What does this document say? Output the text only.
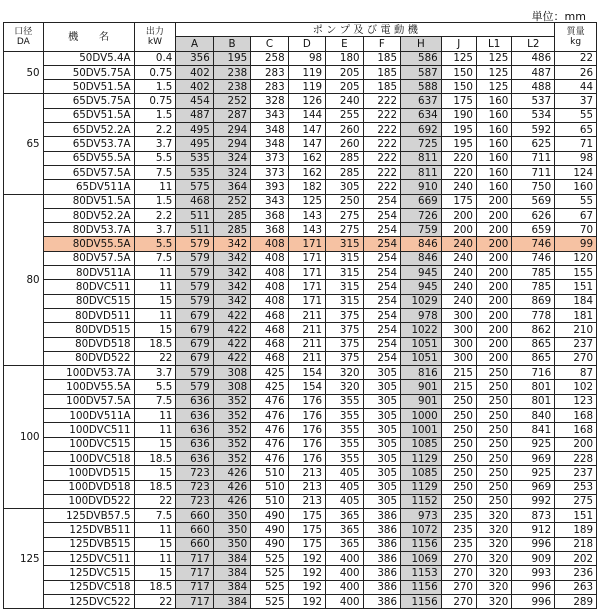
単位：mm
口径
DA	機　　名	出力
kW	ポ ン プ 及 び 電 動 機										質量
kg

			A	B	C	D	E	F	H	J	L1	L2	
50	50DV5.4A	0.4	356	195	258	98	180	185	586	125	125	486	22
	50DV5.75A	0.75	402	238	283	119	205	185	587	150	125	487	26
	50DV51.5A	1.5	402	238	283	119	205	185	588	150	125	488	44
65	65DV5.75A	0.75	454	252	328	126	240	222	637	175	160	537	37
	65DV51.5A	1.5	487	287	343	144	255	222	634	190	160	534	55
	65DV52.2A	2.2	495	294	348	147	260	222	692	195	160	592	65
	65DV53.7A	3.7	495	294	348	147	260	222	725	195	160	625	71
	65DV55.5A	5.5	535	324	373	162	285	222	811	220	160	711	98
	65DV57.5A	7.5	535	324	373	162	285	222	811	220	160	711	124
	65DV511A	11	575	364	393	182	305	222	910	240	160	750	160
80	80DV51.5A	1.5	468	252	343	125	250	254	669	175	200	569	55
	80DV52.2A	2.2	511	285	368	143	275	254	726	200	200	626	67
	80DV53.7A	3.7	511	285	368	143	275	254	759	200	200	659	70
	80DV55.5A	5.5	579	342	408	171	315	254	846	240	200	746	99
	80DV57.5A	7.5	579	342	408	171	315	254	846	240	200	746	120
	80DV511A	11	579	342	408	171	315	254	945	240	200	785	155
	80DVC511	11	579	342	408	171	315	254	945	240	200	785	151
	80DVC515	15	579	342	408	171	315	254	1029	240	200	869	184
	80DVD511	11	679	422	468	211	375	254	978	300	200	778	181
	80DVD515	15	679	422	468	211	375	254	1022	300	200	862	210
	80DVD518	18.5	679	422	468	211	375	254	1051	300	200	865	237
	80DVD522	22	679	422	468	211	375	254	1051	300	200	865	270
100	100DV53.7A	3.7	579	308	425	154	320	305	816	215	250	716	87
	100DV55.5A	5.5	579	308	425	154	320	305	901	215	250	801	102
	100DV57.5A	7.5	636	352	476	176	355	305	901	250	250	801	123
	100DV511A	11	636	352	476	176	355	305	1000	250	250	840	168
	100DVC511	11	636	352	476	176	355	305	1001	250	250	841	168
	100DVC515	15	636	352	476	176	355	305	1085	250	250	925	200
	100DVC518	18.5	636	352	476	176	355	305	1129	250	250	969	228
	100DVD515	15	723	426	510	213	405	305	1085	250	250	925	237
	100DVD518	18.5	723	426	510	213	405	305	1129	250	250	969	253
	100DVD522	22	723	426	510	213	405	305	1152	250	250	992	275
125	125DVB57.5	7.5	660	350	490	175	365	386	973	235	320	873	151
	125DVB511	11	660	350	490	175	365	386	1072	235	320	912	189
	125DVB515	15	660	350	490	175	365	386	1156	235	320	996	218
	125DVC511	11	717	384	525	192	400	386	1069	270	320	909	202
	125DVC515	15	717	384	525	192	400	386	1153	270	320	993	236
	125DVC518	18.5	717	384	525	192	400	386	1156	270	320	996	263
	125DVC522	22	717	384	525	192	400	386	1156	270	320	996	289
